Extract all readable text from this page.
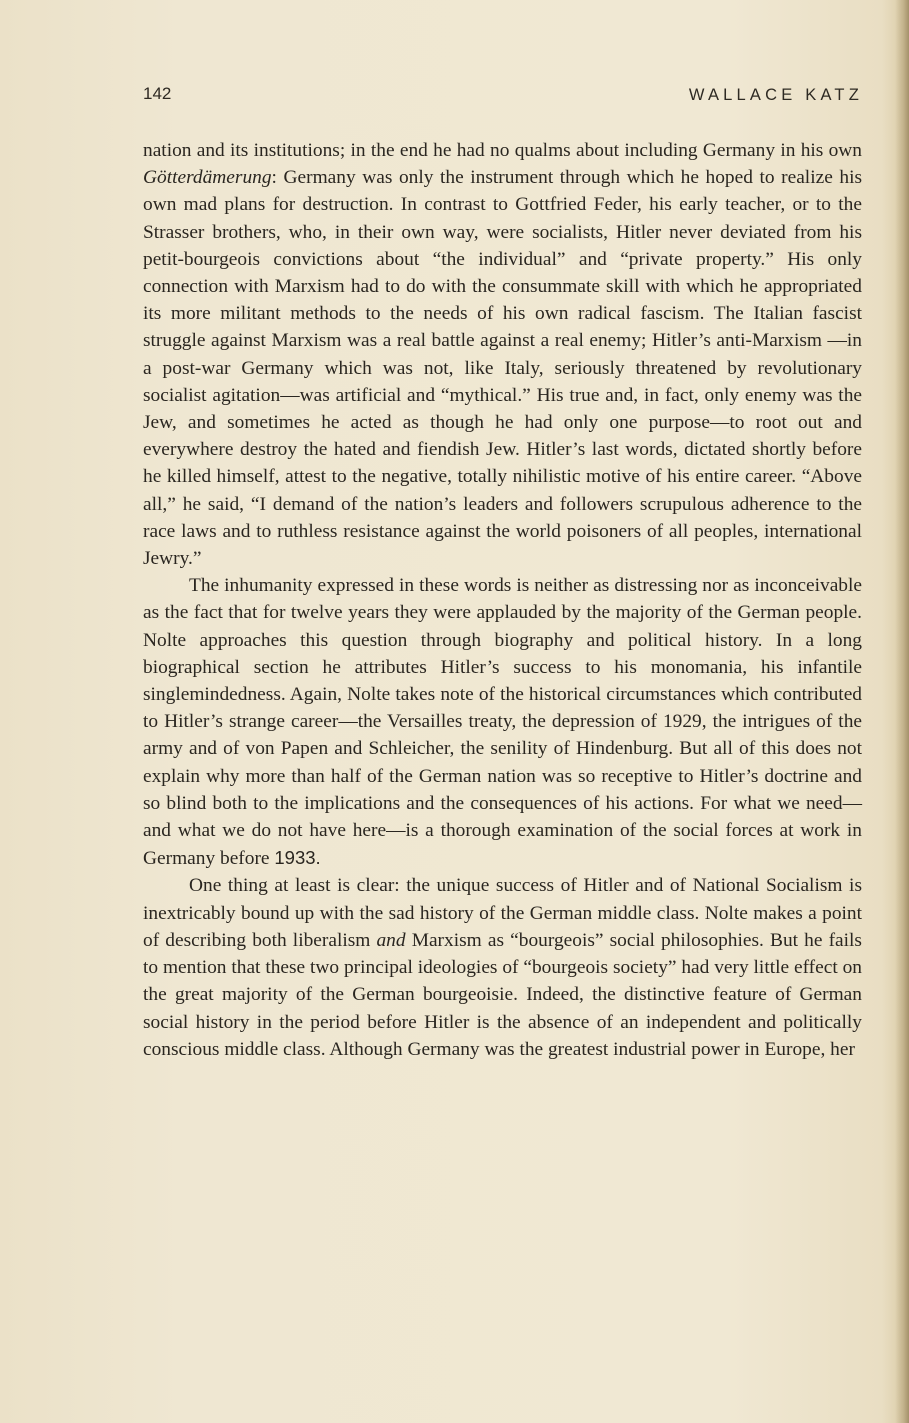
142	WALLACE KATZ

nation and its institutions; in the end he had no qualms about including Germany in his own Götterdämerung: Germany was only the instrument through which he hoped to realize his own mad plans for destruction. In contrast to Gottfried Feder, his early teacher, or to the Strasser brothers, who, in their own way, were socialists, Hitler never deviated from his petit-bourgeois convictions about “the individual” and “private property.” His only connection with Marxism had to do with the consummate skill with which he appropriated its more militant methods to the needs of his own radical fascism. The Italian fascist struggle against Marxism was a real battle against a real enemy; Hitler’s anti-Marxism —in a post-war Germany which was not, like Italy, seriously threatened by revolutionary socialist agitation—was artificial and “mythical.” His true and, in fact, only enemy was the Jew, and sometimes he acted as though he had only one purpose—to root out and everywhere destroy the hated and fiendish Jew. Hitler’s last words, dictated shortly before he killed himself, attest to the negative, totally nihilistic motive of his entire career. “Above all,” he said, “I demand of the nation’s leaders and followers scrupulous adherence to the race laws and to ruthless resistance against the world poisoners of all peoples, international Jewry.”

The inhumanity expressed in these words is neither as distressing nor as inconceivable as the fact that for twelve years they were applauded by the majority of the German people. Nolte approaches this question through biography and political history. In a long biographical section he attributes Hitler’s success to his monomania, his infantile singlemindedness. Again, Nolte takes note of the historical circumstances which contributed to Hitler’s strange career—the Versailles treaty, the depression of 1929, the intrigues of the army and of von Papen and Schleicher, the senility of Hindenburg. But all of this does not explain why more than half of the German nation was so receptive to Hitler’s doctrine and so blind both to the implications and the consequences of his actions. For what we need—and what we do not have here—is a thorough examination of the social forces at work in Germany before 1933.

One thing at least is clear: the unique success of Hitler and of National Socialism is inextricably bound up with the sad history of the German middle class. Nolte makes a point of describing both liberalism and Marxism as “bourgeois” social philosophies. But he fails to mention that these two principal ideologies of “bourgeois society” had very little effect on the great majority of the German bourgeoisie. Indeed, the distinctive feature of German social history in the period before Hitler is the absence of an independent and politically conscious middle class. Although Germany was the greatest industrial power in Europe, her
